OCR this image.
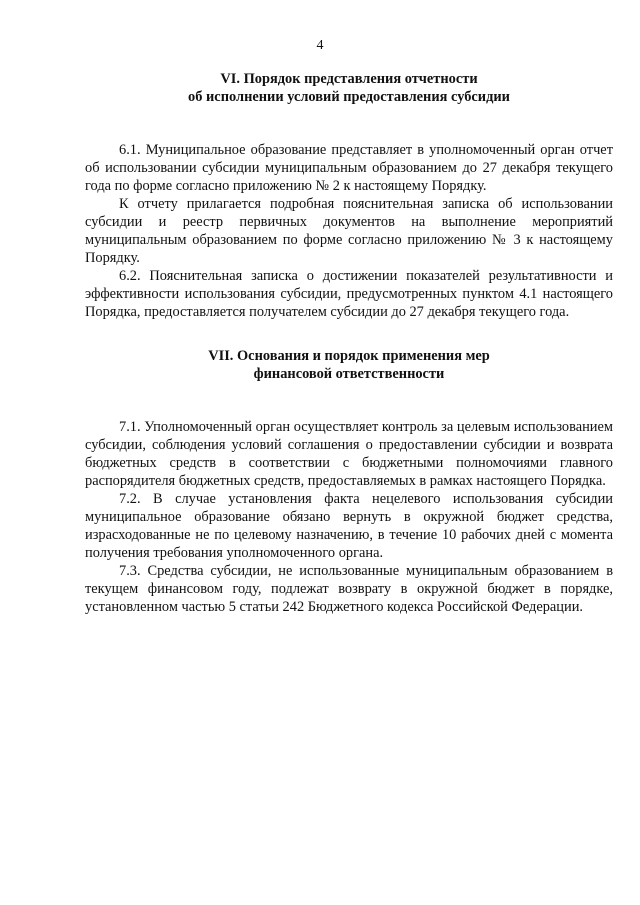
4
VI. Порядок представления отчетности
об исполнении условий предоставления субсидии

6.1. Муниципальное образование представляет в уполномоченный орган отчет об использовании субсидии муниципальным образованием до 27 декабря текущего года по форме согласно приложению № 2 к настоящему Порядку.

К отчету прилагается подробная пояснительная записка об использовании субсидии и реестр первичных документов на выполнение мероприятий муниципальным образованием по форме согласно приложению № 3 к настоящему Порядку.

6.2. Пояснительная записка о достижении показателей результативности и эффективности использования субсидии, предусмотренных пунктом 4.1 настоящего Порядка, предоставляется получателем субсидии до 27 декабря текущего года.

VII. Основания и порядок применения мер
финансовой ответственности

7.1. Уполномоченный орган осуществляет контроль за целевым использованием субсидии, соблюдения условий соглашения о предоставлении субсидии и возврата бюджетных средств в соответствии с бюджетными полномочиями главного распорядителя бюджетных средств, предоставляемых в рамках настоящего Порядка.

7.2. В случае установления факта нецелевого использования субсидии муниципальное образование обязано вернуть в окружной бюджет средства, израсходованные не по целевому назначению, в течение 10 рабочих дней с момента получения требования уполномоченного органа.

7.3. Средства субсидии, не использованные муниципальным образованием в текущем финансовом году, подлежат возврату в окружной бюджет в порядке, установленном частью 5 статьи 242 Бюджетного кодекса Российской Федерации.
